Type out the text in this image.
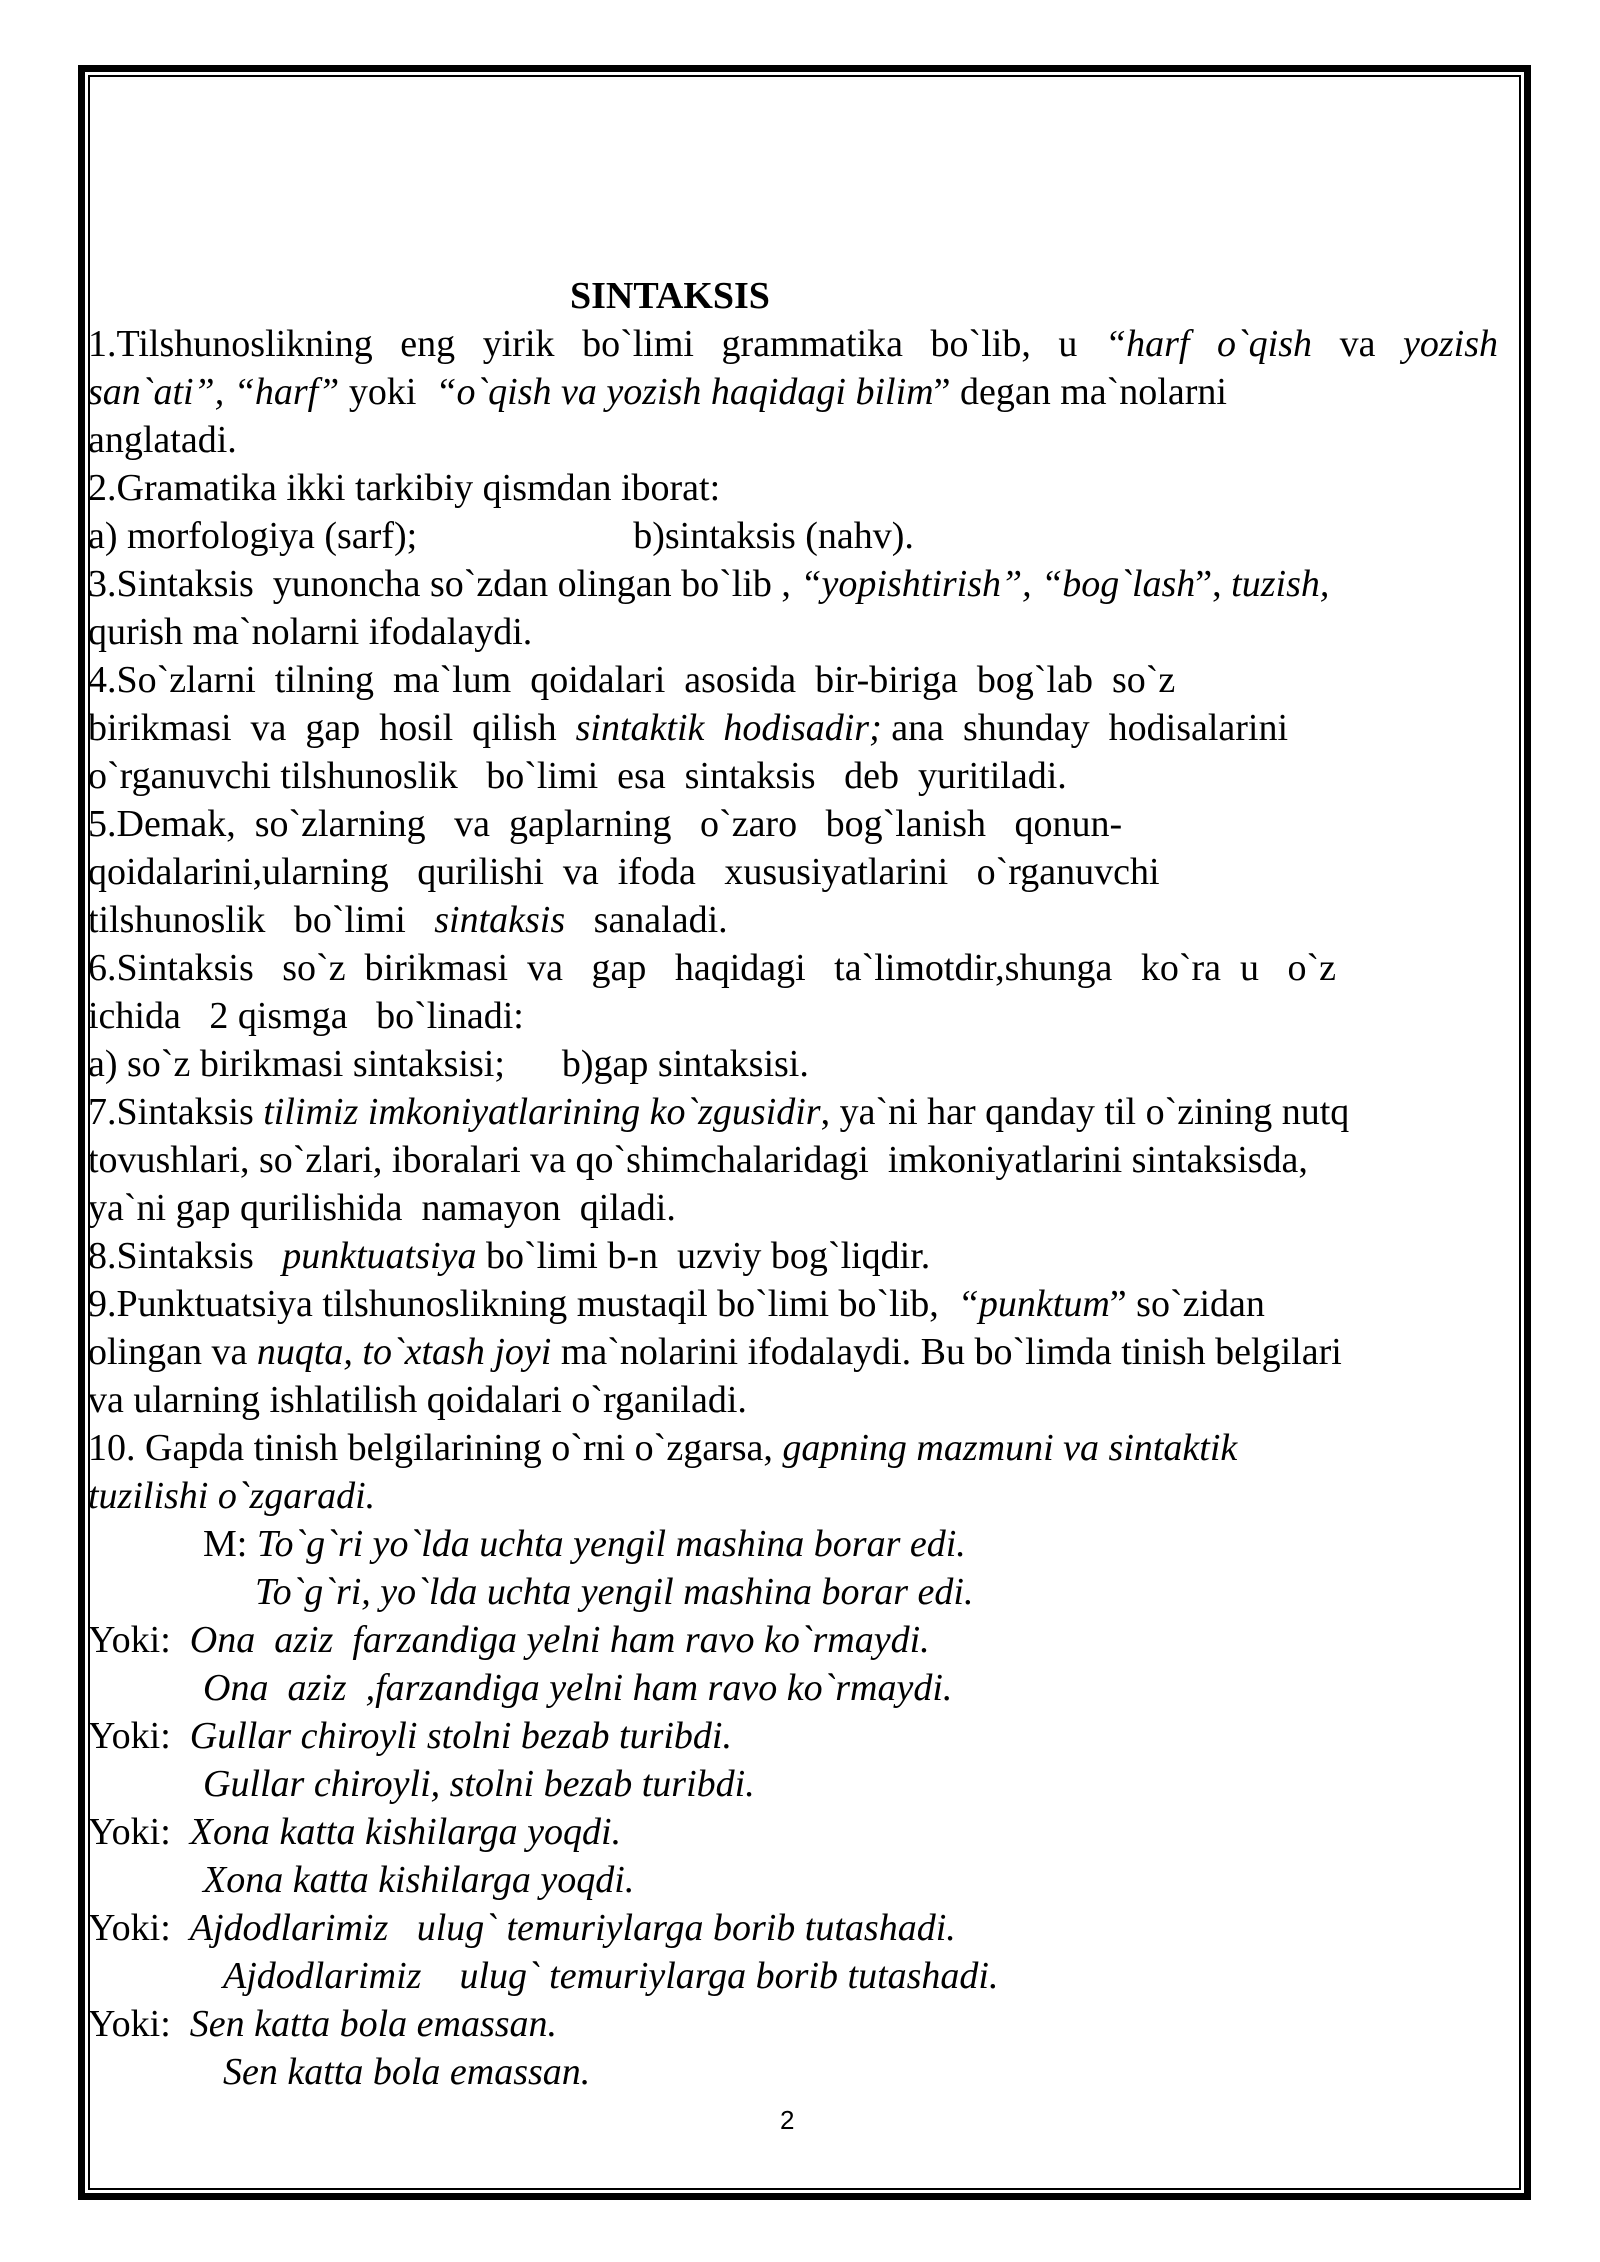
SINTAKSIS
1.Tilshunoslikning eng yirik bo`limi grammatika bo`lib, u “harf o`qish va yozish
san`ati”, “harf” yoki  “o`qish va yozish haqidagi bilim” degan ma`nolarni
anglatadi.
2.Gramatika ikki tarkibiy qismdan iborat:
a) morfologiya (sarf);	b)sintaksis (nahv).
3.Sintaksis  yunoncha so`zdan olingan bo`lib , “yopishtirish”, “bog`lash”, tuzish,
qurish ma`nolarni ifodalaydi.
4.So`zlarni  tilning  ma`lum  qoidalari  asosida  bir-biriga  bog`lab  so`z
birikmasi  va  gap  hosil  qilish  sintaktik  hodisadir; ana  shunday  hodisalarini
o`rganuvchi tilshunoslik   bo`limi  esa  sintaksis   deb  yuritiladi.
5.Demak,  so`zlarning   va  gaplarning   o`zaro   bog`lanish   qonun-
qoidalarini,ularning   qurilishi  va  ifoda   xususiyatlarini   o`rganuvchi
tilshunoslik   bo`limi   sintaksis   sanaladi.
6.Sintaksis   so`z  birikmasi  va   gap   haqidagi   ta`limotdir,shunga   ko`ra  u   o`z
ichida   2 qismga   bo`linadi:
a) so`z birikmasi sintaksisi;      b)gap sintaksisi.
7.Sintaksis tilimiz imkoniyatlarining ko`zgusidir, ya`ni har qanday til o`zining nutq
tovushlari, so`zlari, iboralari va qo`shimchalaridagi  imkoniyatlarini sintaksisda,
ya`ni gap qurilishida  namayon  qiladi.
8.Sintaksis   punktuatsiya bo`limi b-n  uzviy bog`liqdir.
9.Punktuatsiya tilshunoslikning mustaqil bo`limi bo`lib,  “punktum” so`zidan
olingan va nuqta, to`xtash joyi ma`nolarini ifodalaydi. Bu bo`limda tinish belgilari
va ularning ishlatilish qoidalari o`rganiladi.
10. Gapda tinish belgilarining o`rni o`zgarsa, gapning mazmuni va sintaktik
tuzilishi o`zgaradi.
M: To`g`ri yo`ldа uchta yengil mashina borar edi.
To`g`ri, yo`lda uchta yengil mashina borar edi.
Yoki:  Ona  aziz  farzandiga yelni ham ravo ko`rmaydi.
Ona  aziz  ,farzandiga yelni ham ravo ko`rmaydi.
Yoki:  Gullar chiroyli stolni bezab turibdi.
Gullar chiroyli, stolni bezab turibdi.
Yoki:  Xona katta kishilarga yoqdi.
Xona katta kishilarga yoqdi.
Yoki:  Ajdodlarimiz   ulug` temuriylarga borib tutashadi.
Ajdodlarimiz    ulug` temuriylarga borib tutashadi.
Yoki:  Sen katta bola emassan.
Sen katta bola emassan.
2
